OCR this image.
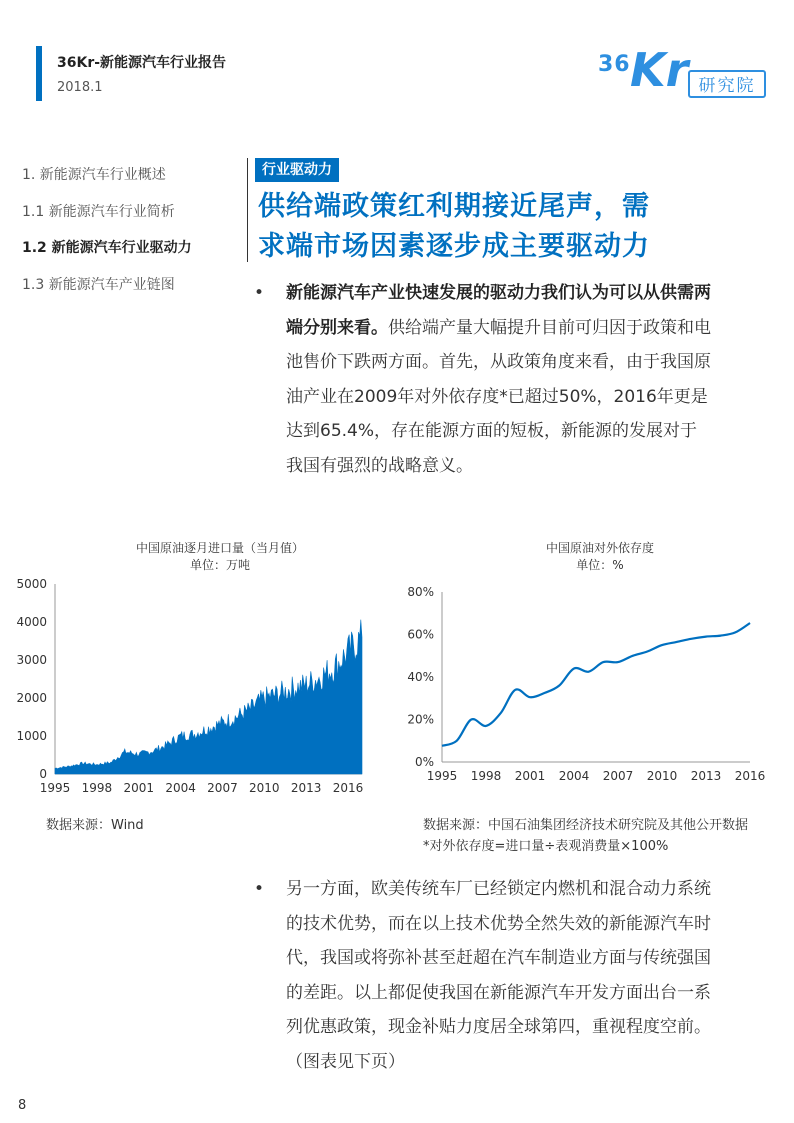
36Kr-新能源汽车行业报告
2018.1
36 Kr 研究院
1. 新能源汽车行业概述
1.1 新能源汽车行业简析
1.2 新能源汽车行业驱动力
1.3 新能源汽车产业链图
行业驱动力
供给端政策红利期接近尾声，需
求端市场因素逐步成主要驱动力
• 新能源汽车产业快速发展的驱动力我们认为可以从供需两端分别来看。供给端产量大幅提升目前可归因于政策和电池售价下跌两方面。首先，从政策角度来看，由于我国原油产业在2009年对外依存度*已超过50%，2016年更是达到65.4%，存在能源方面的短板，新能源的发展对于我国有强烈的战略意义。
中国原油逐月进口量（当月值）
单位：万吨
0
1000
2000
3000
4000
5000
1995 1998 2001 2004 2007 2010 2013 2016
数据来源：Wind
中国原油对外依存度
单位：%
0%
20%
40%
60%
80%
1995 1998 2001 2004 2007 2010 2013 2016
数据来源：中国石油集团经济技术研究院及其他公开数据
*对外依存度=进口量÷表观消费量×100%
• 另一方面，欧美传统车厂已经锁定内燃机和混合动力系统的技术优势，而在以上技术优势全然失效的新能源汽车时代，我国或将弥补甚至赶超在汽车制造业方面与传统强国的差距。以上都促使我国在新能源汽车开发方面出台一系列优惠政策，现金补贴力度居全球第四，重视程度空前。（图表见下页）
8
